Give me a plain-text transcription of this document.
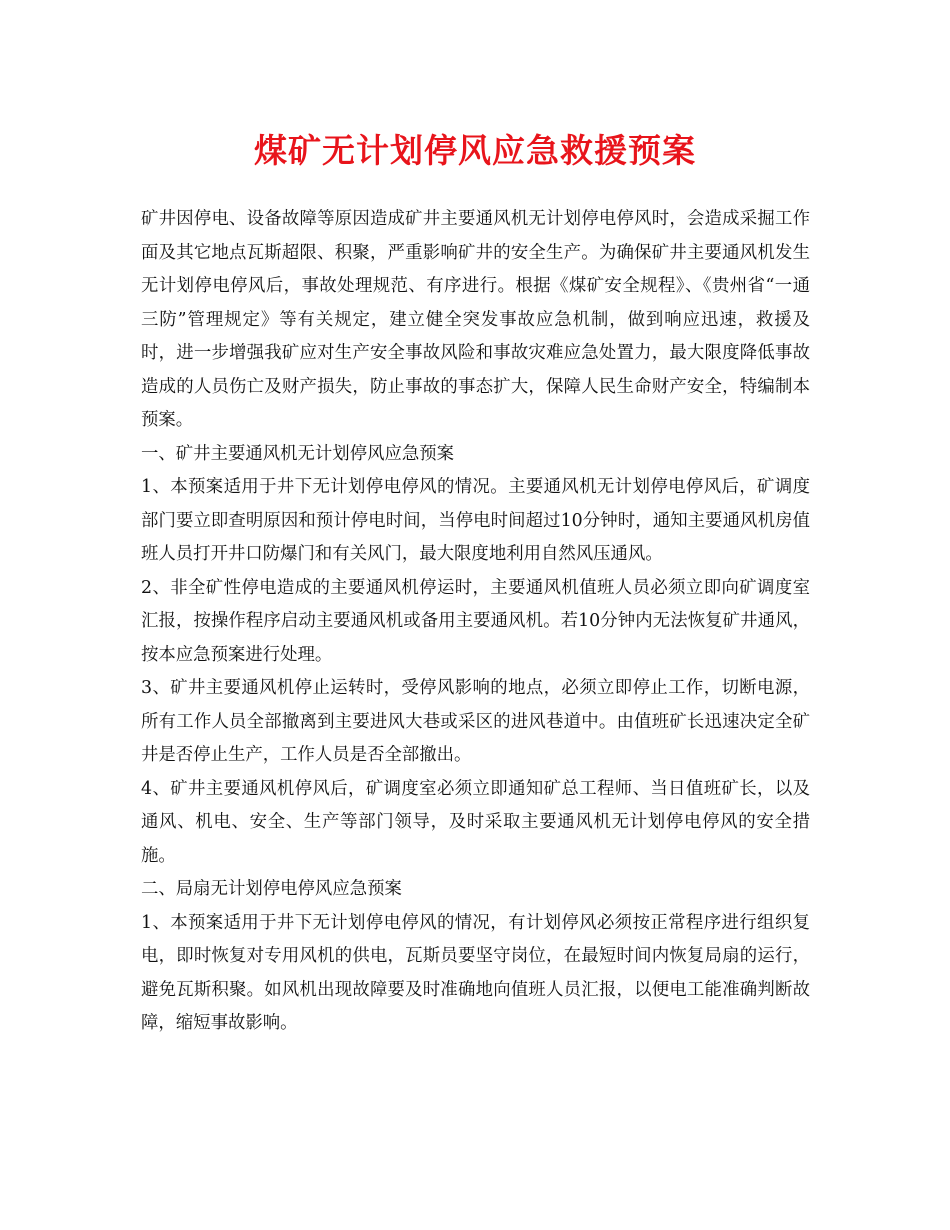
煤矿无计划停风应急救援预案

矿井因停电、设备故障等原因造成矿井主要通风机无计划停电停风时，会造成采掘工作面及其它地点瓦斯超限、积聚，严重影响矿井的安全生产。为确保矿井主要通风机发生无计划停电停风后，事故处理规范、有序进行。根据《煤矿安全规程》、《贵州省“一通三防”管理规定》等有关规定，建立健全突发事故应急机制，做到响应迅速，救援及时，进一步增强我矿应对生产安全事故风险和事故灾难应急处置力，最大限度降低事故造成的人员伤亡及财产损失，防止事故的事态扩大，保障人民生命财产安全，特编制本预案。

一、矿井主要通风机无计划停风应急预案

1、本预案适用于井下无计划停电停风的情况。主要通风机无计划停电停风后，矿调度部门要立即查明原因和预计停电时间，当停电时间超过10分钟时，通知主要通风机房值班人员打开井口防爆门和有关风门，最大限度地利用自然风压通风。

2、非全矿性停电造成的主要通风机停运时，主要通风机值班人员必须立即向矿调度室汇报，按操作程序启动主要通风机或备用主要通风机。若10分钟内无法恢复矿井通风，按本应急预案进行处理。

3、矿井主要通风机停止运转时，受停风影响的地点，必须立即停止工作，切断电源，所有工作人员全部撤离到主要进风大巷或采区的进风巷道中。由值班矿长迅速决定全矿井是否停止生产，工作人员是否全部撤出。

4、矿井主要通风机停风后，矿调度室必须立即通知矿总工程师、当日值班矿长，以及通风、机电、安全、生产等部门领导，及时采取主要通风机无计划停电停风的安全措施。

二、局扇无计划停电停风应急预案

1、本预案适用于井下无计划停电停风的情况，有计划停风必须按正常程序进行组织复电，即时恢复对专用风机的供电，瓦斯员要坚守岗位，在最短时间内恢复局扇的运行，避免瓦斯积聚。如风机出现故障要及时准确地向值班人员汇报，以便电工能准确判断故障，缩短事故影响。
